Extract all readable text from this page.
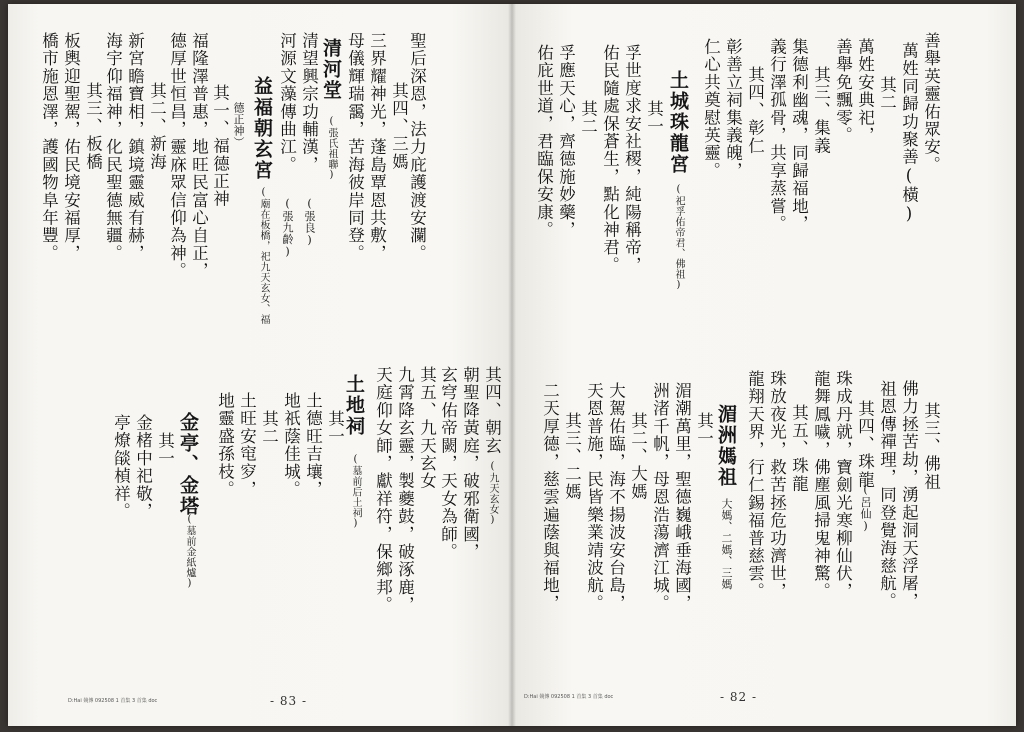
聖后深恩，法力庇護渡安瀾。
其四、三媽
三界耀神光，蓬島覃恩共敷，
母儀輝瑞靄，苦海彼岸同登。
清河堂
(張氏祖聯)
清望興宗功輔漢，
(張良)
河源文藻傳曲江。
(張九齡)
益福朝玄宮
(廟在板橋，祀九天玄女、福
德正神）
其一、福德正神
福隆澤普惠，地旺民富心自正，
德厚世恒昌，靈庥眾信仰為神。
其二、新海
新宮瞻寶相，鎮境靈威有赫，
海宇仰福神，化民聖德無疆。
其三、板橋
板輿迎聖駕，佑民境安福厚，
橋市施恩澤，護國物阜年豐。
其四、朝玄
(九天玄女)
朝聖降黃庭，破邪衛國，
玄穹佑帝闕，天女為師。
其五、九天玄女
九霄降玄靈，製夔鼓，破涿鹿，
天庭仰女師，獻祥符，保鄉邦。
土地祠
(墓前后土祠)
其一
土德旺吉壤，
地祇蔭佳城。
其二
土旺安窀穸，
地靈盛孫枝。
金亭、金塔
(墓前金紙爐)
其一
金楮中祀敬，
亭燎燄楨祥。
- 83 -
D:Hai 競傳 092508 1 首集 3 首集 doc
善舉英靈佑眾安。
萬姓同歸功聚善(橫)
其二
萬姓安典祀，
善舉免飄零。
其三、集義
集德利幽魂，同歸福地，
義行澤孤骨，共享蒸嘗。
其四、彰仁
彰善立祠集義魄，
仁心共奠慰英靈。
土城珠龍宮
(祀孚佑帝君、佛祖)
其一
孚世度求安社稷，純陽稱帝，
佑民隨處保蒼生，點化神君。
其二
孚應天心，齊德施妙藥，
佑庇世道，君臨保安康。
其三、佛祖
佛力拯苦劫，湧起洞天浮屠，
祖恩傳禪理，同登覺海慈航。
其四、珠龍
(呂仙)
珠成丹就，寶劍光寒柳仙伏，
龍舞鳳噦，佛塵風掃鬼神驚。
其五、珠龍
珠放夜光，救苦拯危功濟世，
龍翔天界，行仁錫福普慈雲。
湄洲媽祖
大媽、二媽、三媽
其一
湄潮萬里，聖德巍峨垂海國，
洲渚千帆，母恩浩蕩濟江城。
其二、大媽
大駕佑臨，海不揚波安台島，
天恩普施，民皆樂業靖波航。
其三、二媽
二天厚德，慈雲遍蔭與福地，
- 82 -
D:Hai 競傳 092508 1 首集 3 首集 doc
